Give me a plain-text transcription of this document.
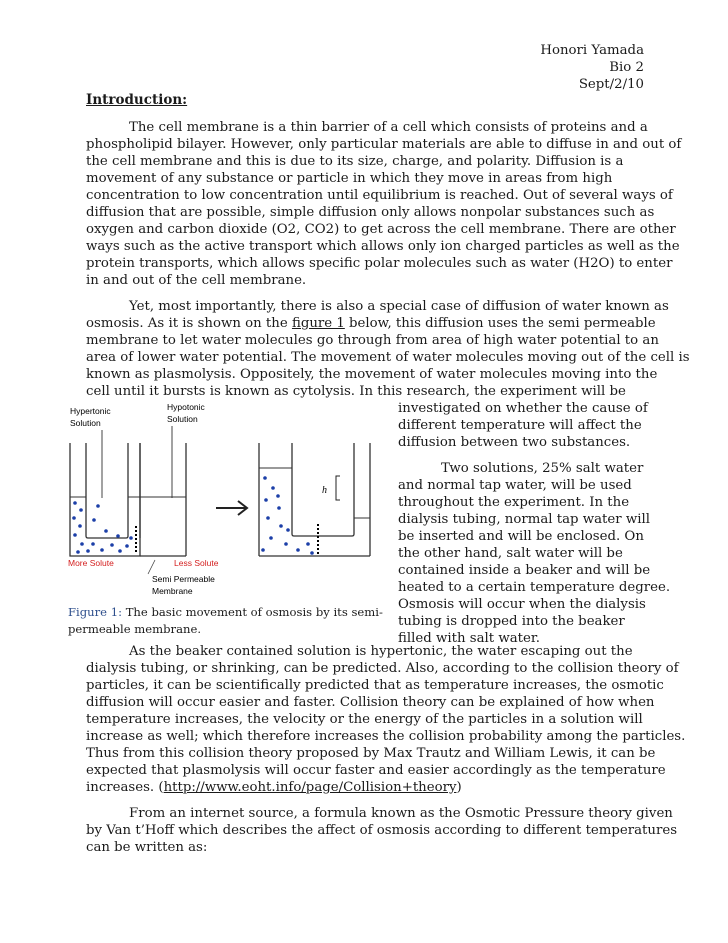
Honori Yamada
Bio 2
Sept/2/10
Introduction:
The cell membrane is a thin barrier of a cell which consists of proteins and a
phospholipid bilayer. However, only particular materials are able to diffuse in and out of
the cell membrane and this is due to its size, charge, and polarity. Diffusion is a
movement of any substance or particle in which they move in areas from high
concentration to low concentration until equilibrium is reached. Out of several ways of
diffusion that are possible, simple diffusion only allows nonpolar substances such as
oxygen and carbon dioxide (O2, CO2) to get across the cell membrane. There are other
ways such as the active transport which allows only ion charged particles as well as the
protein transports, which allows specific polar molecules such as water (H2O) to enter
in and out of the cell membrane.
Yet, most importantly, there is also a special case of diffusion of water known as
osmosis. As it is shown on the figure 1 below, this diffusion uses the semi permeable
membrane to let water molecules go through from area of high water potential to an
area of lower water potential. The movement of water molecules moving out of the cell is
known as plasmolysis. Oppositely, the movement of water molecules moving into the
cell until it bursts is known as cytolysis. In this research, the experiment will be
investigated on whether the cause of
different temperature will affect the
diffusion between two substances.
Two solutions, 25% salt water
and normal tap water, will be used
throughout the experiment. In the
dialysis tubing, normal tap water will
be inserted and will be enclosed. On
the other hand, salt water will be
contained inside a beaker and will be
heated to a certain temperature degree.
Osmosis will occur when the dialysis
tubing is dropped into the beaker
filled with salt water.
Hypertonic
Solution
Hypotonic
Solution
h
More Solute	Less Solute
Semi Permeable
Membrane
Figure 1: The basic movement of osmosis by its semi-
permeable membrane.
As the beaker contained solution is hypertonic, the water escaping out the
dialysis tubing, or shrinking, can be predicted. Also, according to the collision theory of
particles, it can be scientifically predicted that as temperature increases, the osmotic
diffusion will occur easier and faster. Collision theory can be explained of how when
temperature increases, the velocity or the energy of the particles in a solution will
increase as well; which therefore increases the collision probability among the particles.
Thus from this collision theory proposed by Max Trautz and William Lewis, it can be
expected that plasmolysis will occur faster and easier accordingly as the temperature
increases. (http://www.eoht.info/page/Collision+theory)
From an internet source, a formula known as the Osmotic Pressure theory given
by Van t’Hoff which describes the affect of osmosis according to different temperatures
can be written as:
